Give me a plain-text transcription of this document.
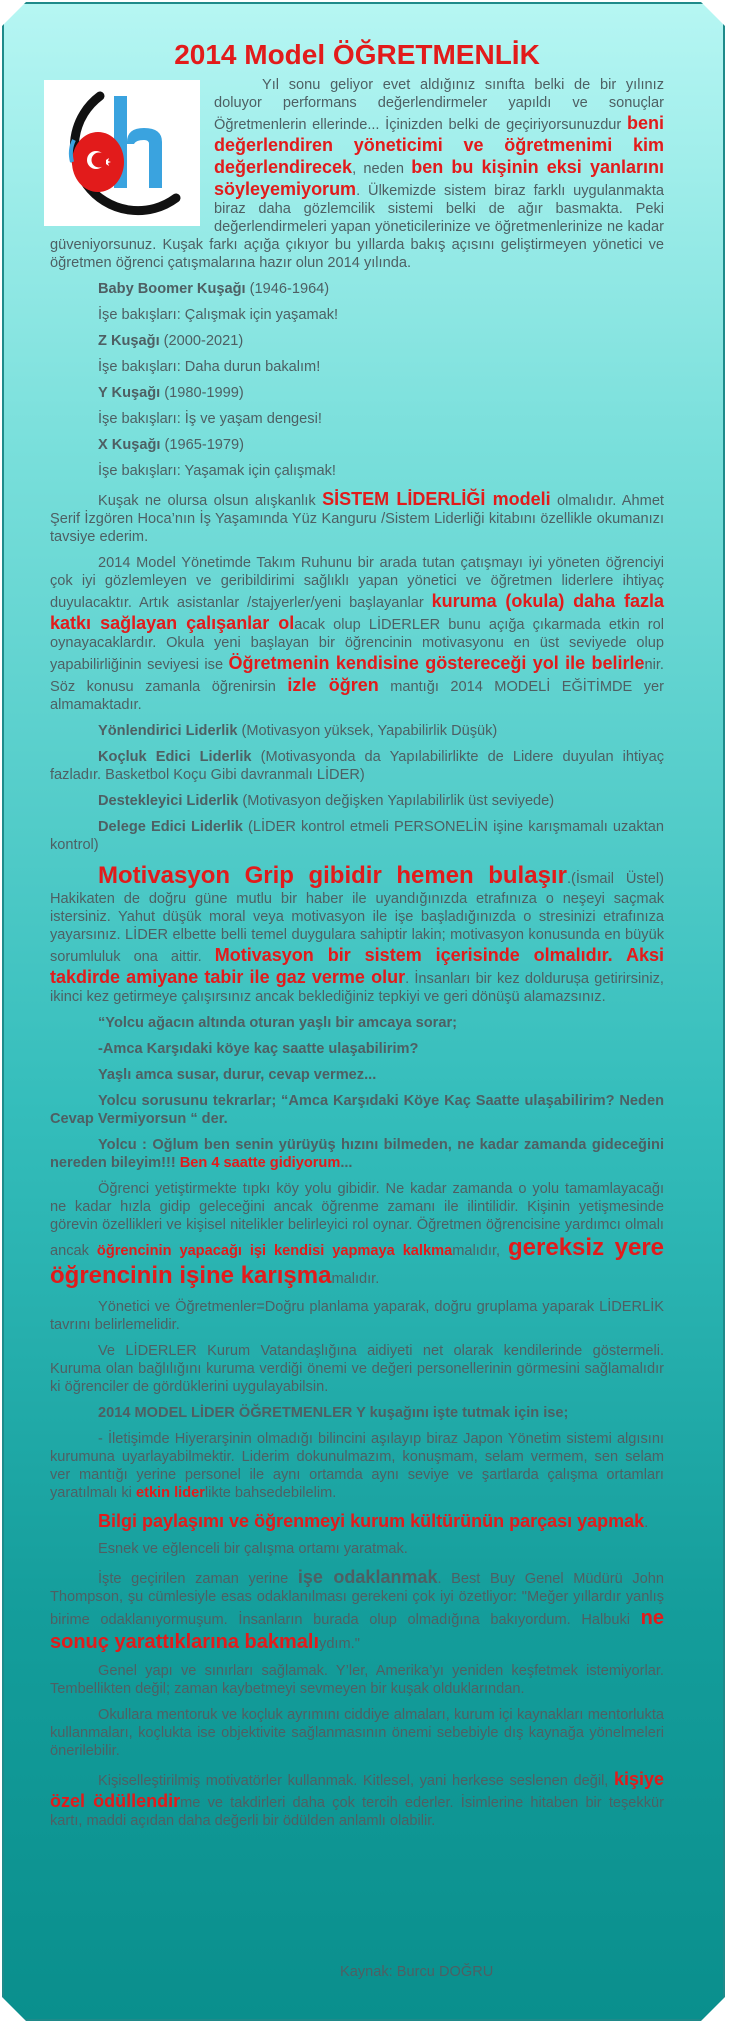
2014 Model ÖĞRETMENLİK

Yıl sonu geliyor evet aldığınız sınıfta belki de bir yılınız doluyor performans değerlendirmeler yapıldı ve sonuçlar Öğretmenlerin ellerinde... İçinizden belki de geçiriyorsunuzdur beni değerlendiren yöneticimi ve öğretmenimi kim değerlendirecek, neden ben bu kişinin eksi yanlarını söyleyemiyorum. Ülkemizde sistem biraz farklı uygulanmakta biraz daha gözlemcilik sistemi belki de ağır basmakta. Peki değerlendirmeleri yapan yöneticilerinize ve öğretmenlerinize ne kadar güveniyorsunuz. Kuşak farkı açığa çıkıyor bu yıllarda bakış açısını geliştirmeyen yönetici ve öğretmen öğrenci çatışmalarına hazır olun 2014 yılında.

Baby Boomer Kuşağı (1946-1964)
İşe bakışları: Çalışmak için yaşamak!
Z Kuşağı (2000-2021)
İşe bakışları: Daha durun bakalım!
Y Kuşağı (1980-1999)
İşe bakışları: İş ve yaşam dengesi!
X Kuşağı (1965-1979)
İşe bakışları: Yaşamak için çalışmak!

Kuşak ne olursa olsun alışkanlık SİSTEM LİDERLİĞİ modeli olmalıdır. Ahmet Şerif İzgören Hoca’nın İş Yaşamında Yüz Kanguru /Sistem Liderliği kitabını özellikle okumanızı tavsiye ederim.

2014 Model Yönetimde Takım Ruhunu bir arada tutan çatışmayı iyi yöneten öğrenciyi çok iyi gözlemleyen ve geribildirimi sağlıklı yapan yönetici ve öğretmen liderlere ihtiyaç duyulacaktır. Artık asistanlar /stajyerler/yeni başlayanlar kuruma (okula) daha fazla katkı sağlayan çalışanlar olacak olup LİDERLER bunu açığa çıkarmada etkin rol oynayacaklardır. Okula yeni başlayan bir öğrencinin motivasyonu en üst seviyede olup yapabilirliğinin seviyesi ise Öğretmenin kendisine göstereceği yol ile belirlenir. Söz konusu zamanla öğrenirsin izle öğren mantığı 2014 MODELİ EĞİTİMDE yer almamaktadır.

Yönlendirici Liderlik (Motivasyon yüksek, Yapabilirlik Düşük)

Koçluk Edici Liderlik (Motivasyonda da Yapılabilirlikte de Lidere duyulan ihtiyaç fazladır. Basketbol Koçu Gibi davranmalı LİDER)

Destekleyici Liderlik (Motivasyon değişken Yapılabilirlik üst seviyede)

Delege Edici Liderlik (LİDER kontrol etmeli PERSONELİN işine karışmamalı uzaktan kontrol)

Motivasyon Grip gibidir hemen bulaşır.(İsmail Üstel) Hakikaten de doğru güne mutlu bir haber ile uyandığınızda etrafınıza o neşeyi saçmak istersiniz. Yahut düşük moral veya motivasyon ile işe başladığınızda o stresinizi etrafınıza yayarsınız. LİDER elbette belli temel duygulara sahiptir lakin; motivasyon konusunda en büyük sorumluluk ona aittir. Motivasyon bir sistem içerisinde olmalıdır. Aksi takdirde amiyane tabir ile gaz verme olur. İnsanları bir kez doldurușa getirirsiniz, ikinci kez getirmeye çalışırsınız ancak beklediğiniz tepkiyi ve geri dönüşü alamazsınız.

“Yolcu ağacın altında oturan yaşlı bir amcaya sorar;

-Amca Karşıdaki köye kaç saatte ulaşabilirim?

Yaşlı amca susar, durur, cevap vermez...

Yolcu sorusunu tekrarlar; “Amca Karşıdaki Köye Kaç Saatte ulaşabilirim? Neden Cevap Vermiyorsun “ der.

Yolcu : Oğlum ben senin yürüyüş hızını bilmeden, ne kadar zamanda gideceğini nereden bileyim!!! Ben 4 saatte gidiyorum...

Öğrenci yetiştirmekte tıpkı köy yolu gibidir. Ne kadar zamanda o yolu tamamlayacağı ne kadar hızla gidip geleceğini ancak öğrenme zamanı ile ilintilidir. Kişinin yetişmesinde görevin özellikleri ve kişisel nitelikler belirleyici rol oynar. Öğretmen öğrencisine yardımcı olmalı ancak öğrencinin yapacağı işi kendisi yapmaya kalkmamalıdır, gereksiz yere öğrencinin işine karışmamalıdır.

Yönetici ve Öğretmenler=Doğru planlama yaparak, doğru gruplama yaparak LİDERLİK tavrını belirlemelidir.

Ve LİDERLER Kurum Vatandaşlığına aidiyeti net olarak kendilerinde göstermeli. Kuruma olan bağlılığını kuruma verdiği önemi ve değeri personellerinin görmesini sağlamalıdır ki öğrenciler de gördüklerini uygulayabilsin.

2014 MODEL LİDER ÖĞRETMENLER Y kuşağını işte tutmak için ise;

- İletişimde Hiyerarşinin olmadığı bilincini aşılayıp biraz Japon Yönetim sistemi algısını kurumuna uyarlayabilmektir. Liderim dokunulmazım, konuşmam, selam vermem, sen selam ver mantığı yerine personel ile aynı ortamda aynı seviye ve şartlarda çalışma ortamları yaratılmalı ki etkin liderlikte bahsedebilelim.

Bilgi paylaşımı ve öğrenmeyi kurum kültürünün parçası yapmak.

Esnek ve eğlenceli bir çalışma ortamı yaratmak.

İşte geçirilen zaman yerine işe odaklanmak. Best Buy Genel Müdürü John Thompson, şu cümlesiyle esas odaklanılması gerekeni çok iyi özetliyor: "Meğer yıllardır yanlış birime odaklanıyormuşum. İnsanların burada olup olmadığına bakıyordum. Halbuki ne sonuç yarattıklarına bakmalıydım."

Genel yapı ve sınırları sağlamak. Y’ler, Amerika’yı yeniden keşfetmek istemiyorlar. Tembellikten değil; zaman kaybetmeyi sevmeyen bir kuşak olduklarından.

Okullara mentoruk ve koçluk ayrımını ciddiye almaları, kurum içi kaynakları mentorlukta kullanmaları, koçlukta ise objektivite sağlanmasının önemi sebebiyle dış kaynağa yönelmeleri önerilebilir.

Kişiselleştirilmiş motivatörler kullanmak. Kitlesel, yani herkese seslenen değil, kişiye özel ödüllendirme ve takdirleri daha çok tercih ederler. İsimlerine hitaben bir teşekkür kartı, maddi açıdan daha değerli bir ödülden anlamlı olabilir.

Kaynak: Burcu DOĞRU
